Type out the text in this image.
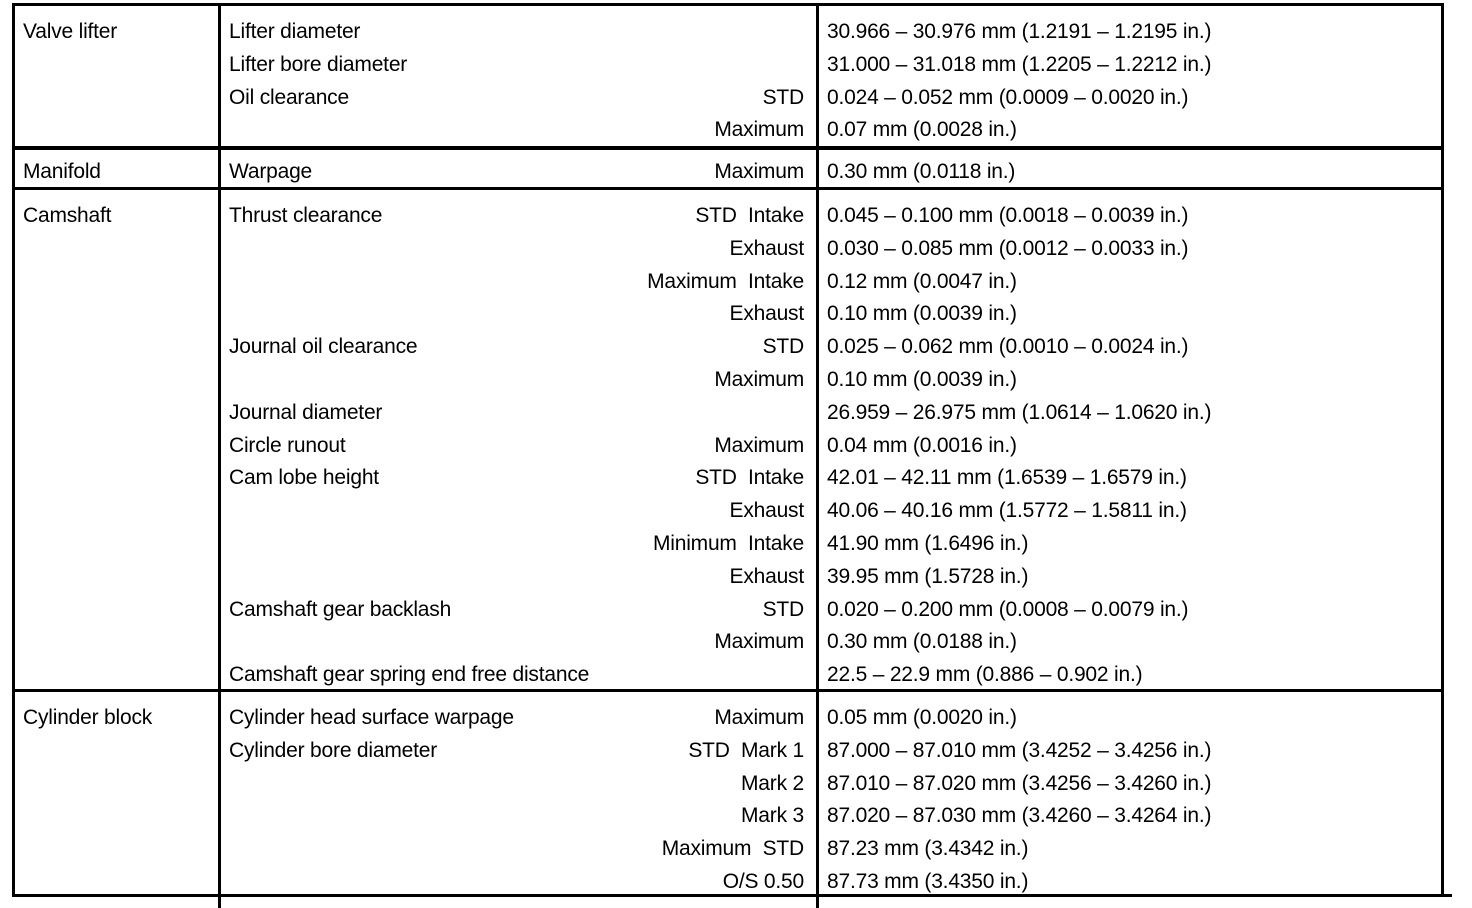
Valve lifter	Lifter diameter	30.966 – 30.976 mm (1.2191 – 1.2195 in.)
Lifter bore diameter	31.000 – 31.018 mm (1.2205 – 1.2212 in.)
Oil clearance	STD 0.024 – 0.052 mm (0.0009 – 0.0020 in.)
Maximum 0.07 mm (0.0028 in.)
Manifold	Warpage	Maximum 0.30 mm (0.0118 in.)
Camshaft	Thrust clearance	STD  Intake 0.045 – 0.100 mm (0.0018 – 0.0039 in.)
Exhaust 0.030 – 0.085 mm (0.0012 – 0.0033 in.)
Maximum  Intake 0.12 mm (0.0047 in.)
Exhaust 0.10 mm (0.0039 in.)
Journal oil clearance	STD 0.025 – 0.062 mm (0.0010 – 0.0024 in.)
Maximum 0.10 mm (0.0039 in.)
Journal diameter	26.959 – 26.975 mm (1.0614 – 1.0620 in.)
Circle runout	Maximum 0.04 mm (0.0016 in.)
Cam lobe height	STD  Intake 42.01 – 42.11 mm (1.6539 – 1.6579 in.)
Exhaust 40.06 – 40.16 mm (1.5772 – 1.5811 in.)
Minimum  Intake 41.90 mm (1.6496 in.)
Exhaust 39.95 mm (1.5728 in.)
Camshaft gear backlash	STD 0.020 – 0.200 mm (0.0008 – 0.0079 in.)
Maximum 0.30 mm (0.0188 in.)
Camshaft gear spring end free distance	22.5 – 22.9 mm (0.886 – 0.902 in.)
Cylinder block	Cylinder head surface warpage	Maximum 0.05 mm (0.0020 in.)
Cylinder bore diameter	STD  Mark 1 87.000 – 87.010 mm (3.4252 – 3.4256 in.)
Mark 2 87.010 – 87.020 mm (3.4256 – 3.4260 in.)
Mark 3 87.020 – 87.030 mm (3.4260 – 3.4264 in.)
Maximum  STD 87.23 mm (3.4342 in.)
O/S 0.50 87.73 mm (3.4350 in.)
